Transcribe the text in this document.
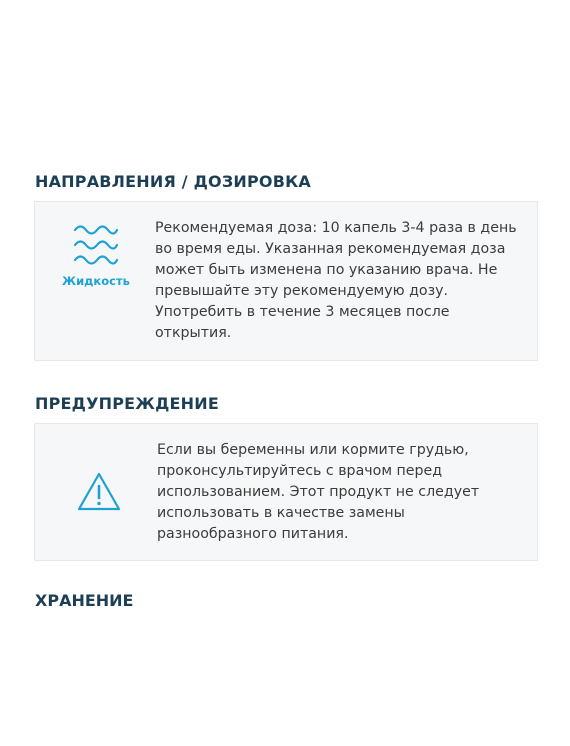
НАПРАВЛЕНИЯ / ДОЗИРОВКА
Жидкость
Рекомендуемая доза: 10 капель 3-4 раза в день во время еды. Указанная рекомендуемая доза может быть изменена по указанию врача. Не превышайте эту рекомендуемую дозу. Употребить в течение 3 месяцев после открытия.
ПРЕДУПРЕЖДЕНИЕ
Если вы беременны или кормите грудью, проконсультируйтесь с врачом перед использованием. Этот продукт не следует использовать в качестве замены разнообразного питания.
ХРАНЕНИЕ
